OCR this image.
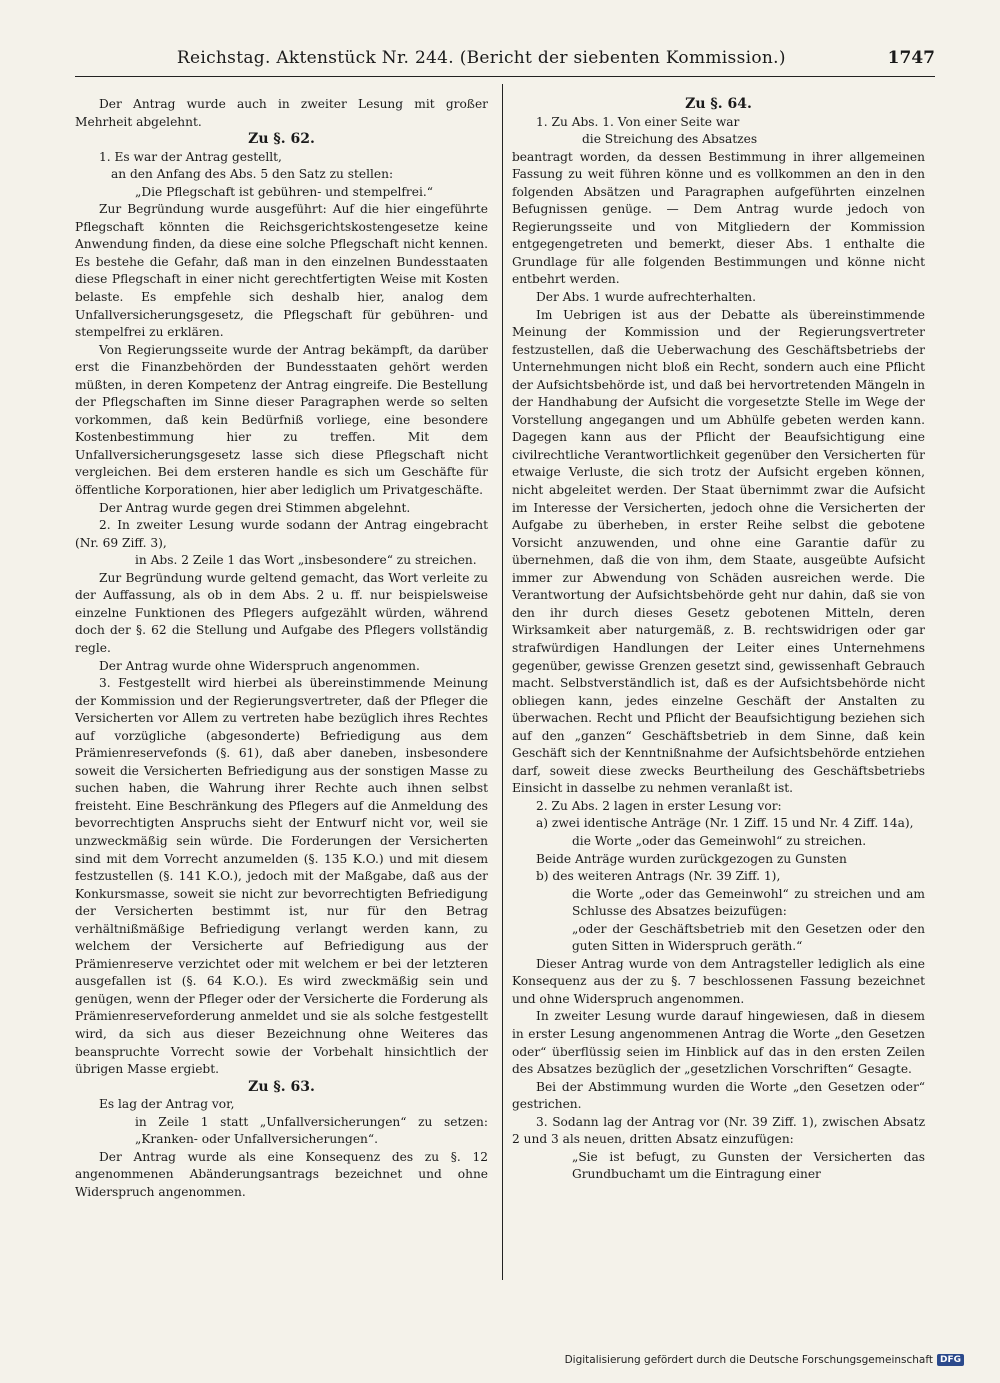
Reichstag. Aktenstück Nr. 244. (Bericht der siebenten Kommission.)	1747

Der Antrag wurde auch in zweiter Lesung mit großer Mehrheit abgelehnt.

Zu §. 62.

1. Es war der Antrag gestellt,

an den Anfang des Abs. 5 den Satz zu stellen:

„Die Pflegschaft ist gebühren- und stempelfrei.“

Zur Begründung wurde ausgeführt: Auf die hier eingeführte Pflegschaft könnten die Reichsgerichtskostengesetze keine Anwendung finden, da diese eine solche Pflegschaft nicht kennen. Es bestehe die Gefahr, daß man in den einzelnen Bundesstaaten diese Pflegschaft in einer nicht gerechtfertigten Weise mit Kosten belaste. Es empfehle sich deshalb hier, analog dem Unfallversicherungsgesetz, die Pflegschaft für gebühren- und stempelfrei zu erklären.

Von Regierungsseite wurde der Antrag bekämpft, da darüber erst die Finanzbehörden der Bundesstaaten gehört werden müßten, in deren Kompetenz der Antrag eingreife. Die Bestellung der Pflegschaften im Sinne dieser Paragraphen werde so selten vorkommen, daß kein Bedürfniß vorliege, eine besondere Kostenbestimmung hier zu treffen. Mit dem Unfallversicherungsgesetz lasse sich diese Pflegschaft nicht vergleichen. Bei dem ersteren handle es sich um Geschäfte für öffentliche Korporationen, hier aber lediglich um Privatgeschäfte.

Der Antrag wurde gegen drei Stimmen abgelehnt.

2. In zweiter Lesung wurde sodann der Antrag eingebracht (Nr. 69 Ziff. 3),

in Abs. 2 Zeile 1 das Wort „insbesondere“ zu streichen.

Zur Begründung wurde geltend gemacht, das Wort verleite zu der Auffassung, als ob in dem Abs. 2 u. ff. nur beispielsweise einzelne Funktionen des Pflegers aufgezählt würden, während doch der §. 62 die Stellung und Aufgabe des Pflegers vollständig regle.

Der Antrag wurde ohne Widerspruch angenommen.

3. Festgestellt wird hierbei als übereinstimmende Meinung der Kommission und der Regierungsvertreter, daß der Pfleger die Versicherten vor Allem zu vertreten habe bezüglich ihres Rechtes auf vorzügliche (abgesonderte) Befriedigung aus dem Prämienreservefonds (§. 61), daß aber daneben, insbesondere soweit die Versicherten Befriedigung aus der sonstigen Masse zu suchen haben, die Wahrung ihrer Rechte auch ihnen selbst freisteht. Eine Beschränkung des Pflegers auf die Anmeldung des bevorrechtigten Anspruchs sieht der Entwurf nicht vor, weil sie unzweckmäßig sein würde. Die Forderungen der Versicherten sind mit dem Vorrecht anzumelden (§. 135 K.O.) und mit diesem festzustellen (§. 141 K.O.), jedoch mit der Maßgabe, daß aus der Konkursmasse, soweit sie nicht zur bevorrechtigten Befriedigung der Versicherten bestimmt ist, nur für den Betrag verhältnißmäßige Befriedigung verlangt werden kann, zu welchem der Versicherte auf Befriedigung aus der Prämienreserve verzichtet oder mit welchem er bei der letzteren ausgefallen ist (§. 64 K.O.). Es wird zweckmäßig sein und genügen, wenn der Pfleger oder der Versicherte die Forderung als Prämienreserveforderung anmeldet und sie als solche festgestellt wird, da sich aus dieser Bezeichnung ohne Weiteres das beanspruchte Vorrecht sowie der Vorbehalt hinsichtlich der übrigen Masse ergiebt.

Zu §. 63.

Es lag der Antrag vor,

in Zeile 1 statt „Unfallversicherungen“ zu setzen: „Kranken- oder Unfallversicherungen“.

Der Antrag wurde als eine Konsequenz des zu §. 12 angenommenen Abänderungsantrags bezeichnet und ohne Widerspruch angenommen.

Zu §. 64.

1. Zu Abs. 1. Von einer Seite war

die Streichung des Absatzes

beantragt worden, da dessen Bestimmung in ihrer allgemeinen Fassung zu weit führen könne und es vollkommen an den in den folgenden Absätzen und Paragraphen aufgeführten einzelnen Befugnissen genüge. — Dem Antrag wurde jedoch von Regierungsseite und von Mitgliedern der Kommission entgegengetreten und bemerkt, dieser Abs. 1 enthalte die Grundlage für alle folgenden Bestimmungen und könne nicht entbehrt werden.

Der Abs. 1 wurde aufrechterhalten.

Im Uebrigen ist aus der Debatte als übereinstimmende Meinung der Kommission und der Regierungsvertreter festzustellen, daß die Ueberwachung des Geschäftsbetriebs der Unternehmungen nicht bloß ein Recht, sondern auch eine Pflicht der Aufsichtsbehörde ist, und daß bei hervortretenden Mängeln in der Handhabung der Aufsicht die vorgesetzte Stelle im Wege der Vorstellung angegangen und um Abhülfe gebeten werden kann. Dagegen kann aus der Pflicht der Beaufsichtigung eine civilrechtliche Verantwortlichkeit gegenüber den Versicherten für etwaige Verluste, die sich trotz der Aufsicht ergeben können, nicht abgeleitet werden. Der Staat übernimmt zwar die Aufsicht im Interesse der Versicherten, jedoch ohne die Versicherten der Aufgabe zu überheben, in erster Reihe selbst die gebotene Vorsicht anzuwenden, und ohne eine Garantie dafür zu übernehmen, daß die von ihm, dem Staate, ausgeübte Aufsicht immer zur Abwendung von Schäden ausreichen werde. Die Verantwortung der Aufsichtsbehörde geht nur dahin, daß sie von den ihr durch dieses Gesetz gebotenen Mitteln, deren Wirksamkeit aber naturgemäß, z. B. rechtswidrigen oder gar strafwürdigen Handlungen der Leiter eines Unternehmens gegenüber, gewisse Grenzen gesetzt sind, gewissenhaft Gebrauch macht. Selbstverständlich ist, daß es der Aufsichtsbehörde nicht obliegen kann, jedes einzelne Geschäft der Anstalten zu überwachen. Recht und Pflicht der Beaufsichtigung beziehen sich auf den „ganzen“ Geschäftsbetrieb in dem Sinne, daß kein Geschäft sich der Kenntnißnahme der Aufsichtsbehörde entziehen darf, soweit diese zwecks Beurtheilung des Geschäftsbetriebs Einsicht in dasselbe zu nehmen veranlaßt ist.

2. Zu Abs. 2 lagen in erster Lesung vor:

a) zwei identische Anträge (Nr. 1 Ziff. 15 und Nr. 4 Ziff. 14a),

die Worte „oder das Gemeinwohl“ zu streichen.

Beide Anträge wurden zurückgezogen zu Gunsten

b) des weiteren Antrags (Nr. 39 Ziff. 1),

die Worte „oder das Gemeinwohl“ zu streichen und am Schlusse des Absatzes beizufügen:

„oder der Geschäftsbetrieb mit den Gesetzen oder den guten Sitten in Widerspruch geräth.“

Dieser Antrag wurde von dem Antragsteller lediglich als eine Konsequenz aus der zu §. 7 beschlossenen Fassung bezeichnet und ohne Widerspruch angenommen.

In zweiter Lesung wurde darauf hingewiesen, daß in diesem in erster Lesung angenommenen Antrag die Worte „den Gesetzen oder“ überflüssig seien im Hinblick auf das in den ersten Zeilen des Absatzes bezüglich der „gesetzlichen Vorschriften“ Gesagte.

Bei der Abstimmung wurden die Worte „den Gesetzen oder“ gestrichen.

3. Sodann lag der Antrag vor (Nr. 39 Ziff. 1), zwischen Absatz 2 und 3 als neuen, dritten Absatz einzufügen:

„Sie ist befugt, zu Gunsten der Versicherten das Grundbuchamt um die Eintragung einer

Digitalisierung gefördert durch die Deutsche Forschungsgemeinschaft DFG
